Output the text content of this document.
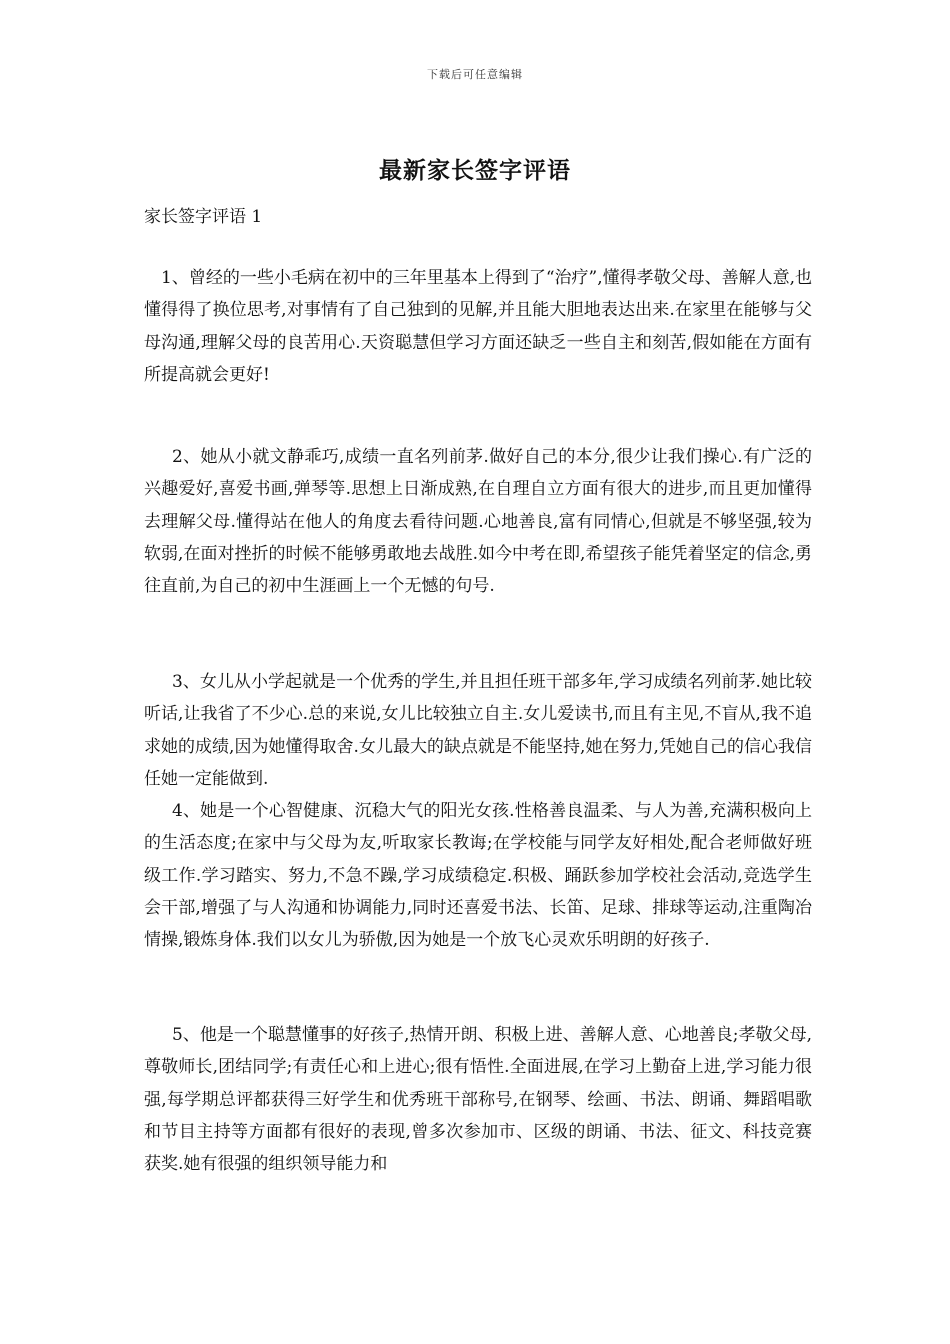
下载后可任意编辑
最新家长签字评语
家长签字评语 1

1、曾经的一些小毛病在初中的三年里基本上得到了“治疗”,懂得孝敬父母、善解人意,也懂得得了换位思考,对事情有了自己独到的见解,并且能大胆地表达出来.在家里在能够与父母沟通,理解父母的良苦用心.天资聪慧但学习方面还缺乏一些自主和刻苦,假如能在方面有所提高就会更好!

2、她从小就文静乖巧,成绩一直名列前茅.做好自己的本分,很少让我们操心.有广泛的兴趣爱好,喜爱书画,弹琴等.思想上日渐成熟,在自理自立方面有很大的进步,而且更加懂得去理解父母.懂得站在他人的角度去看待问题.心地善良,富有同情心,但就是不够坚强,较为软弱,在面对挫折的时候不能够勇敢地去战胜.如今中考在即,希望孩子能凭着坚定的信念,勇往直前,为自己的初中生涯画上一个无憾的句号.

3、女儿从小学起就是一个优秀的学生,并且担任班干部多年,学习成绩名列前茅.她比较听话,让我省了不少心.总的来说,女儿比较独立自主.女儿爱读书,而且有主见,不盲从,我不追求她的成绩,因为她懂得取舍.女儿最大的缺点就是不能坚持,她在努力,凭她自己的信心我信任她一定能做到.

4、她是一个心智健康、沉稳大气的阳光女孩.性格善良温柔、与人为善,充满积极向上的生活态度;在家中与父母为友,听取家长教诲;在学校能与同学友好相处,配合老师做好班级工作.学习踏实、努力,不急不躁,学习成绩稳定.积极、踊跃参加学校社会活动,竞选学生会干部,增强了与人沟通和协调能力,同时还喜爱书法、长笛、足球、排球等运动,注重陶冶情操,锻炼身体.我们以女儿为骄傲,因为她是一个放飞心灵欢乐明朗的好孩子.

5、他是一个聪慧懂事的好孩子,热情开朗、积极上进、善解人意、心地善良;孝敬父母,尊敬师长,团结同学;有责任心和上进心;很有悟性.全面进展,在学习上勤奋上进,学习能力很强,每学期总评都获得三好学生和优秀班干部称号,在钢琴、绘画、书法、朗诵、舞蹈唱歌和节目主持等方面都有很好的表现,曾多次参加市、区级的朗诵、书法、征文、科技竞赛获奖.她有很强的组织领导能力和
